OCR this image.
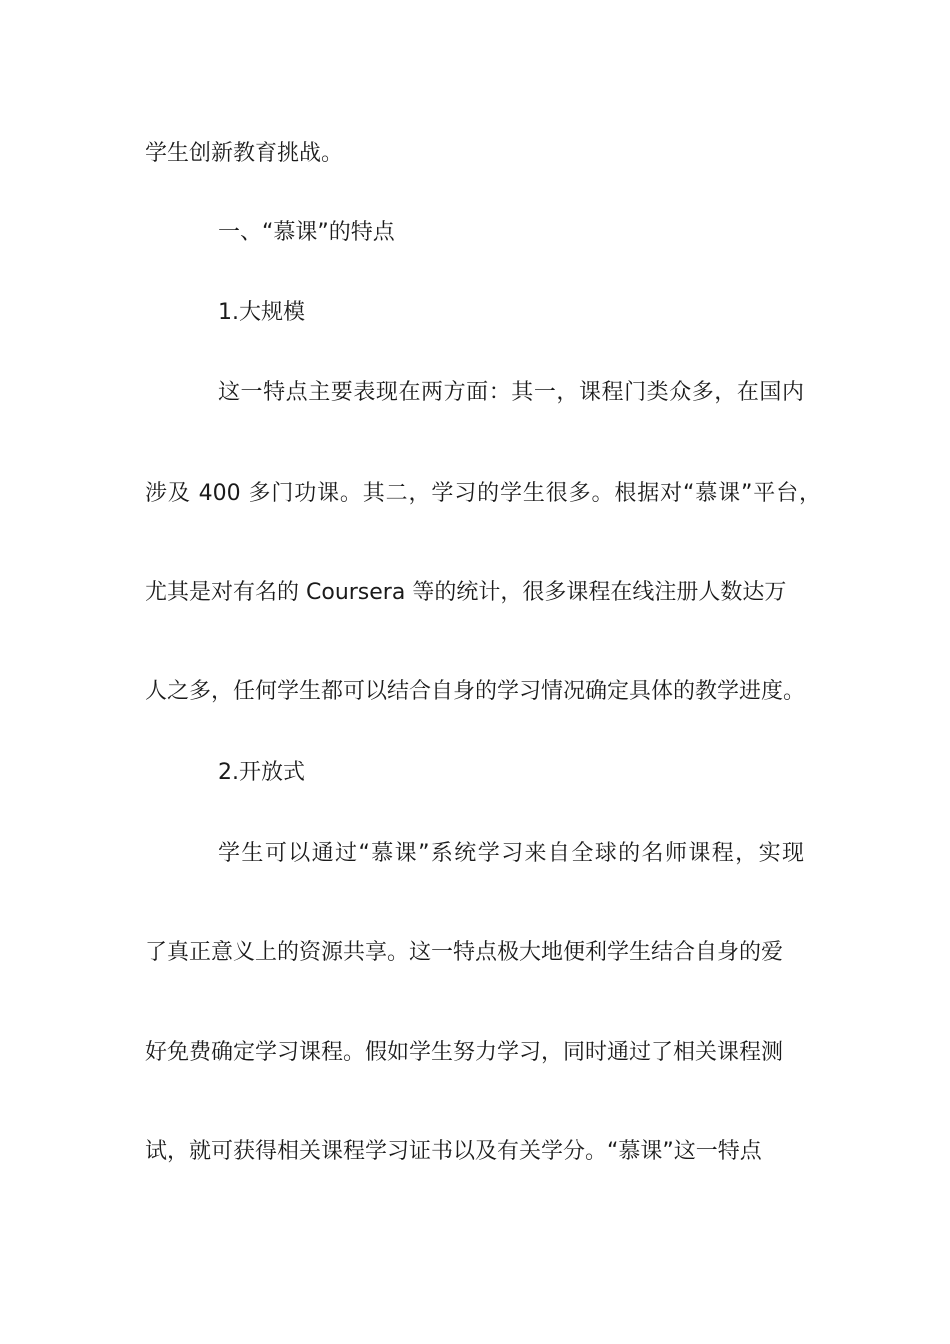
学生创新教育挑战。

一、“慕课”的特点

1.大规模

这一特点主要表现在两方面：其一，课程门类众多，在国内

涉及 400 多门功课。其二，学习的学生很多。根据对“慕课”平台，

尤其是对有名的 Coursera 等的统计，很多课程在线注册人数达万

人之多，任何学生都可以结合自身的学习情况确定具体的教学进度。

2.开放式

学生可以通过“慕课”系统学习来自全球的名师课程，实现

了真正意义上的资源共享。这一特点极大地便利学生结合自身的爱

好免费确定学习课程。假如学生努力学习，同时通过了相关课程测

试，就可获得相关课程学习证书以及有关学分。“慕课”这一特点
